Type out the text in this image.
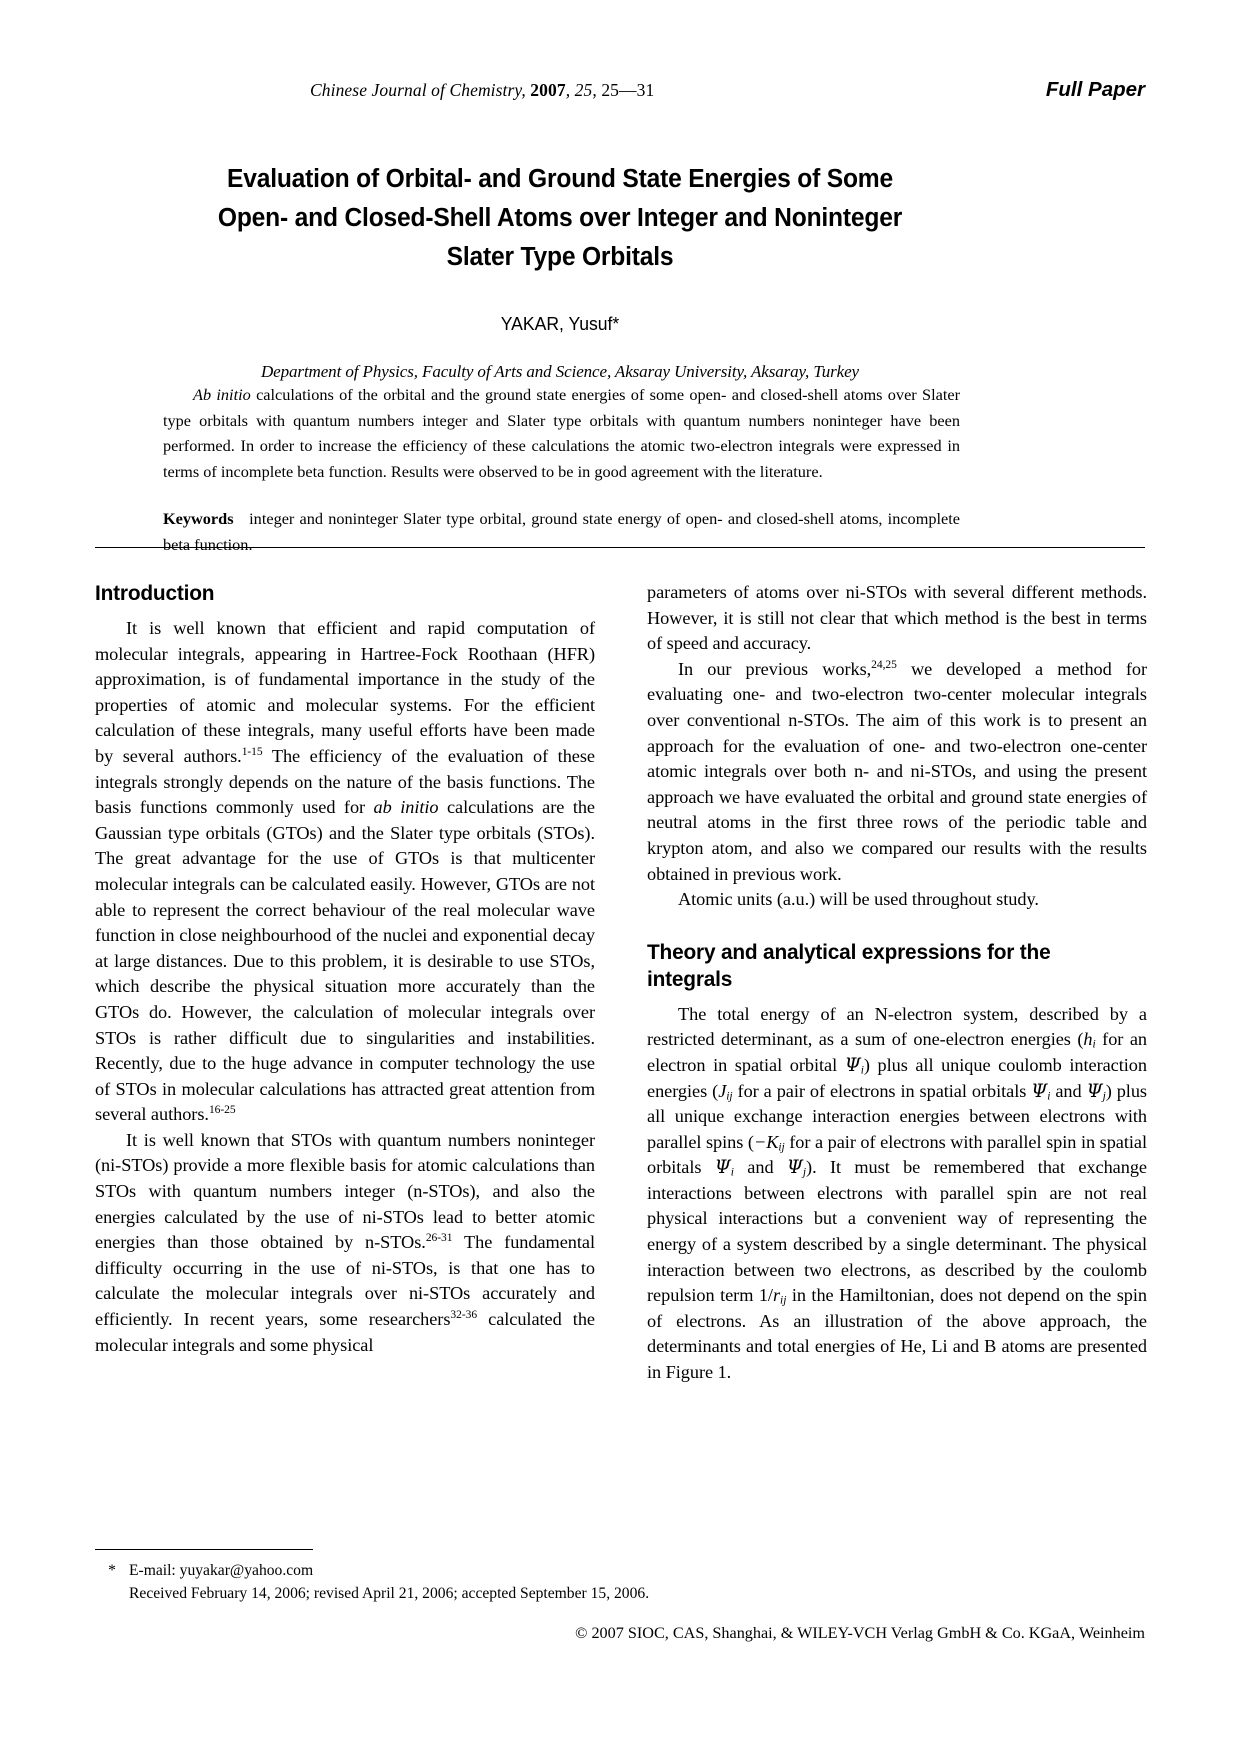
Chinese Journal of Chemistry, 2007, 25, 25—31	Full Paper
Evaluation of Orbital- and Ground State Energies of Some
Open- and Closed-Shell Atoms over Integer and Noninteger
Slater Type Orbitals
YAKAR, Yusuf*
Department of Physics, Faculty of Arts and Science, Aksaray University, Aksaray, Turkey

Ab initio calculations of the orbital and the ground state energies of some open- and closed-shell atoms over Slater type orbitals with quantum numbers integer and Slater type orbitals with quantum numbers noninteger have been performed. In order to increase the efficiency of these calculations the atomic two-electron integrals were expressed in terms of incomplete beta function. Results were observed to be in good agreement with the literature.

Keywords integer and noninteger Slater type orbital, ground state energy of open- and closed-shell atoms, incomplete beta function.

Introduction

It is well known that efficient and rapid computation of molecular integrals, appearing in Hartree-Fock Roothaan (HFR) approximation, is of fundamental importance in the study of the properties of atomic and molecular systems. For the efficient calculation of these integrals, many useful efforts have been made by several authors.$^{1-15}$ The efficiency of the evaluation of these integrals strongly depends on the nature of the basis functions. The basis functions commonly used for ab initio calculations are the Gaussian type orbitals (GTOs) and the Slater type orbitals (STOs). The great advantage for the use of GTOs is that multicenter molecular integrals can be calculated easily. However, GTOs are not able to represent the correct behaviour of the real molecular wave function in close neighbourhood of the nuclei and exponential decay at large distances. Due to this problem, it is desirable to use STOs, which describe the physical situation more accurately than the GTOs do. However, the calculation of molecular integrals over STOs is rather difficult due to singularities and instabilities. Recently, due to the huge advance in computer technology the use of STOs in molecular calculations has attracted great attention from several authors.$^{16-25}$

It is well known that STOs with quantum numbers noninteger (ni-STOs) provide a more flexible basis for atomic calculations than STOs with quantum numbers integer (n-STOs), and also the energies calculated by the use of ni-STOs lead to better atomic energies than those obtained by n-STOs.$^{26-31}$ The fundamental difficulty occurring in the use of ni-STOs, is that one has to calculate the molecular integrals over ni-STOs accurately and efficiently. In recent years, some researchers$^{32-36}$ calculated the molecular integrals and some physical

parameters of atoms over ni-STOs with several different methods. However, it is still not clear that which method is the best in terms of speed and accuracy.

In our previous works,$^{24,25}$ we developed a method for evaluating one- and two-electron two-center molecular integrals over conventional n-STOs. The aim of this work is to present an approach for the evaluation of one- and two-electron one-center atomic integrals over both n- and ni-STOs, and using the present approach we have evaluated the orbital and ground state energies of neutral atoms in the first three rows of the periodic table and krypton atom, and also we compared our results with the results obtained in previous work.

Atomic units (a.u.) will be used throughout study.

Theory and analytical expressions for the
integrals

The total energy of an N-electron system, described by a restricted determinant, as a sum of one-electron energies ($h_i$ for an electron in spatial orbital $\Psi_i$) plus all unique coulomb interaction energies ($J_{ij}$ for a pair of electrons in spatial orbitals $\Psi_i$ and $\Psi_j$) plus all unique exchange interaction energies between electrons with parallel spins ($-K_{ij}$ for a pair of electrons with parallel spin in spatial orbitals $\Psi_i$ and $\Psi_j$). It must be remembered that exchange interactions between electrons with parallel spin are not real physical interactions but a convenient way of representing the energy of a system described by a single determinant. The physical interaction between two electrons, as described by the coulomb repulsion term $1/r_{ij}$ in the Hamiltonian, does not depend on the spin of electrons. As an illustration of the above approach, the determinants and total energies of He, Li and B atoms are presented in Figure 1.

* E-mail: yuyakar@yahoo.com
Received February 14, 2006; revised April 21, 2006; accepted September 15, 2006.
© 2007 SIOC, CAS, Shanghai, & WILEY-VCH Verlag GmbH & Co. KGaA, Weinheim
